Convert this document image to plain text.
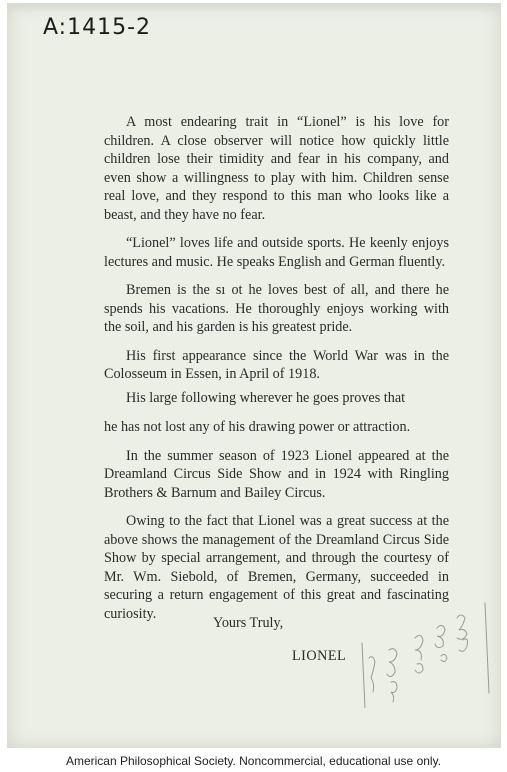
A:1415-2

A most endearing trait in “Lionel” is his love for children. A close observer will notice how quickly little children lose their timidity and fear in his company, and even show a willingness to play with him. Children sense real love, and they respond to this man who looks like a beast, and they have no fear.

“Lionel” loves life and outside sports. He keenly enjoys lectures and music. He speaks English and German fluently.

Bremen is the sı ot he loves best of all, and there he spends his vacations. He thoroughly enjoys working with the soil, and his garden is his greatest pride.

His first appearance since the World War was in the Colosseum in Essen, in April of 1918.

His large following wherever he goes proves that

he has not lost any of his drawing power or attraction.

In the summer season of 1923 Lionel appeared at the Dreamland Circus Side Show and in 1924 with Ringling Brothers & Barnum and Bailey Circus.

Owing to the fact that Lionel was a great success at the above shows the management of the Dreamland Circus Side Show by special arrangement, and through the courtesy of Mr. Wm. Siebold, of Bremen, Germany, succeeded in securing a return engagement of this great and fascinating curiosity.

Yours Truly,
LIONEL
American Philosophical Society. Noncommercial, educational use only.
